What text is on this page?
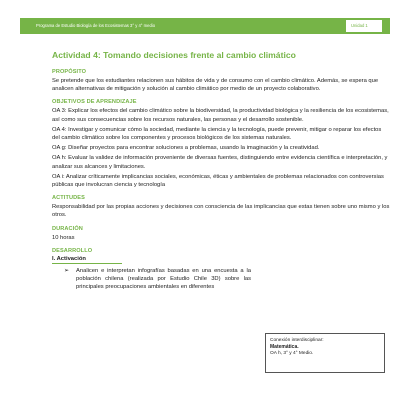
Programa de Estudio Biología de los Ecosistemas 3° y 4° medio	Unidad 1
Actividad 4: Tomando decisiones frente al cambio climático
PROPÓSITO
Se pretende que los estudiantes relacionen sus hábitos de vida y de consumo con el cambio climático. Además, se espera que analicen alternativas de mitigación y solución al cambio climático por medio de un proyecto colaborativo.
OBJETIVOS DE APRENDIZAJE
OA 3: Explicar los efectos del cambio climático sobre la biodiversidad, la productividad biológica y la resiliencia de los ecosistemas, así como sus consecuencias sobre los recursos naturales, las personas y el desarrollo sostenible.
OA 4: Investigar y comunicar cómo la sociedad, mediante la ciencia y la tecnología, puede prevenir, mitigar o reparar los efectos del cambio climático sobre los componentes y procesos biológicos de los sistemas naturales.
OA g: Diseñar proyectos para encontrar soluciones a problemas, usando la imaginación y la creatividad.
OA h: Evaluar la validez de información proveniente de diversas fuentes, distinguiendo entre evidencia científica e interpretación, y analizar sus alcances y limitaciones.
OA i: Analizar críticamente implicancias sociales, económicas, éticas y ambientales de problemas relacionados con controversias públicas que involucran ciencia y tecnología
ACTITUDES
Responsabilidad por las propias acciones y decisiones con consciencia de las implicancias que estas tienen sobre uno mismo y los otros.
DURACIÓN
10 horas
DESARROLLO
I. Activación
➢	Analicen e interpretan infografías basadas en una encuesta a la población chilena (realizada por Estudio Chile 3D) sobre las principales preocupaciones ambientales en diferentes
Conexión interdisciplinar:
Matemática.
OA h, 3° y 4° Medio.
